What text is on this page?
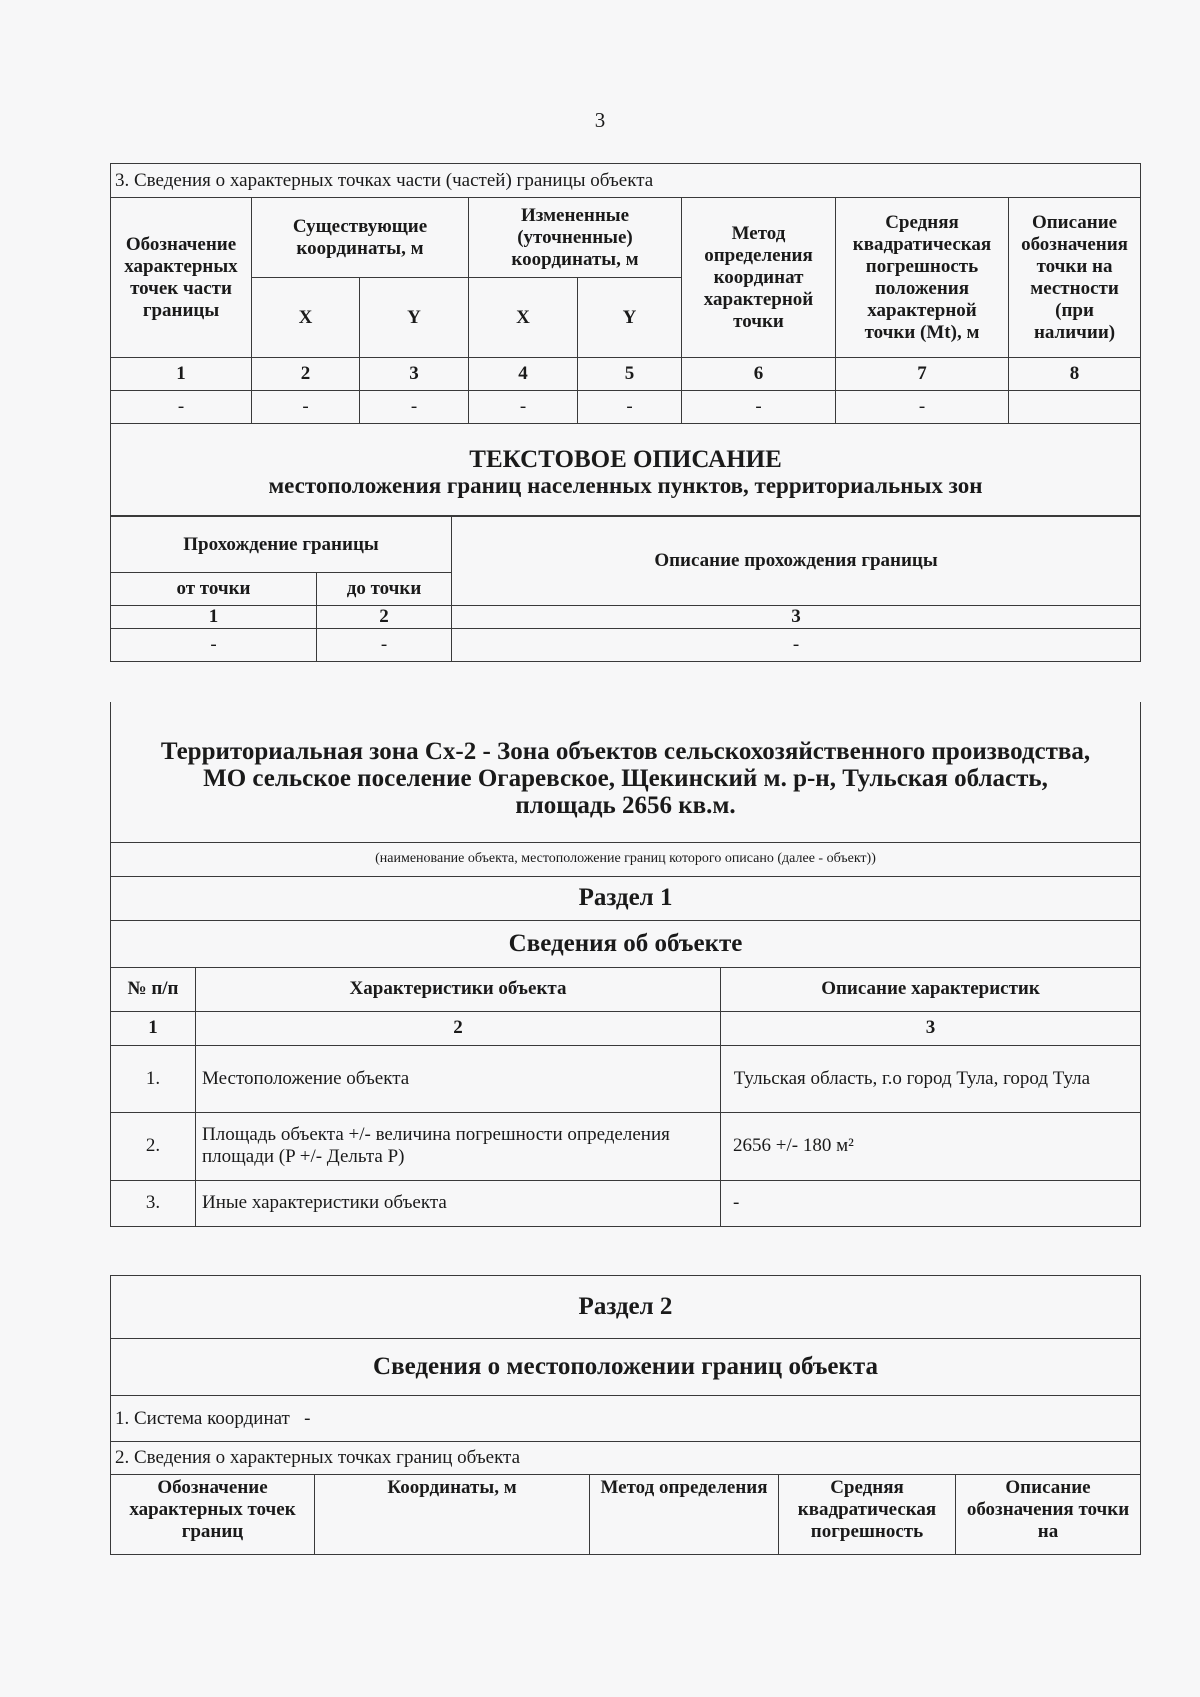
3
3. Сведения о характерных точках части (частей) границы объекта							
Обозначение характерных точек части границы	Существующие координаты, м		Измененные (уточненные) координаты, м		Метод определения координат характерной точки	Средняя квадратическая погрешность положения характерной точки (Mt), м	Описание обозначения точки на местности (при наличии)
	X	Y	X	Y			
1	2	3	4	5	6	7	8
-	-	-	-	-	-	-	

ТЕКСТОВОЕ ОПИСАНИЕ
местоположения границ населенных пунктов, территориальных зон							
Прохождение границы		Описание прохождения границы
от точки	до точки	
1	2	3
-	-	-
Территориальная зона Сх-2 - Зона объектов сельскохозяйственного производства, МО сельское поселение Огаревское, Щекинский м. р-н, Тульская область, площадь 2656 кв.м.		
(наименование объекта, местоположение границ которого описано (далее - объект))		
Раздел 1		
Сведения об объекте		
№ п/п	Характеристики объекта	Описание характеристик
1	2	3
1.	Местоположение объекта	Тульская область, г.о город Тула, город Тула
2.	Площадь объекта +/- величина погрешности определения площади (P +/- Дельта P)	2656 +/- 180 м²
3.	Иные характеристики объекта	-
Раздел 2
Сведения о местоположении границ объекта
1. Система координат   -
2. Сведения о характерных точках границ объекта
Обозначение характерных точек границ	Координаты, м	Метод определения	Средняя квадратическая погрешность	Описание обозначения точки на
